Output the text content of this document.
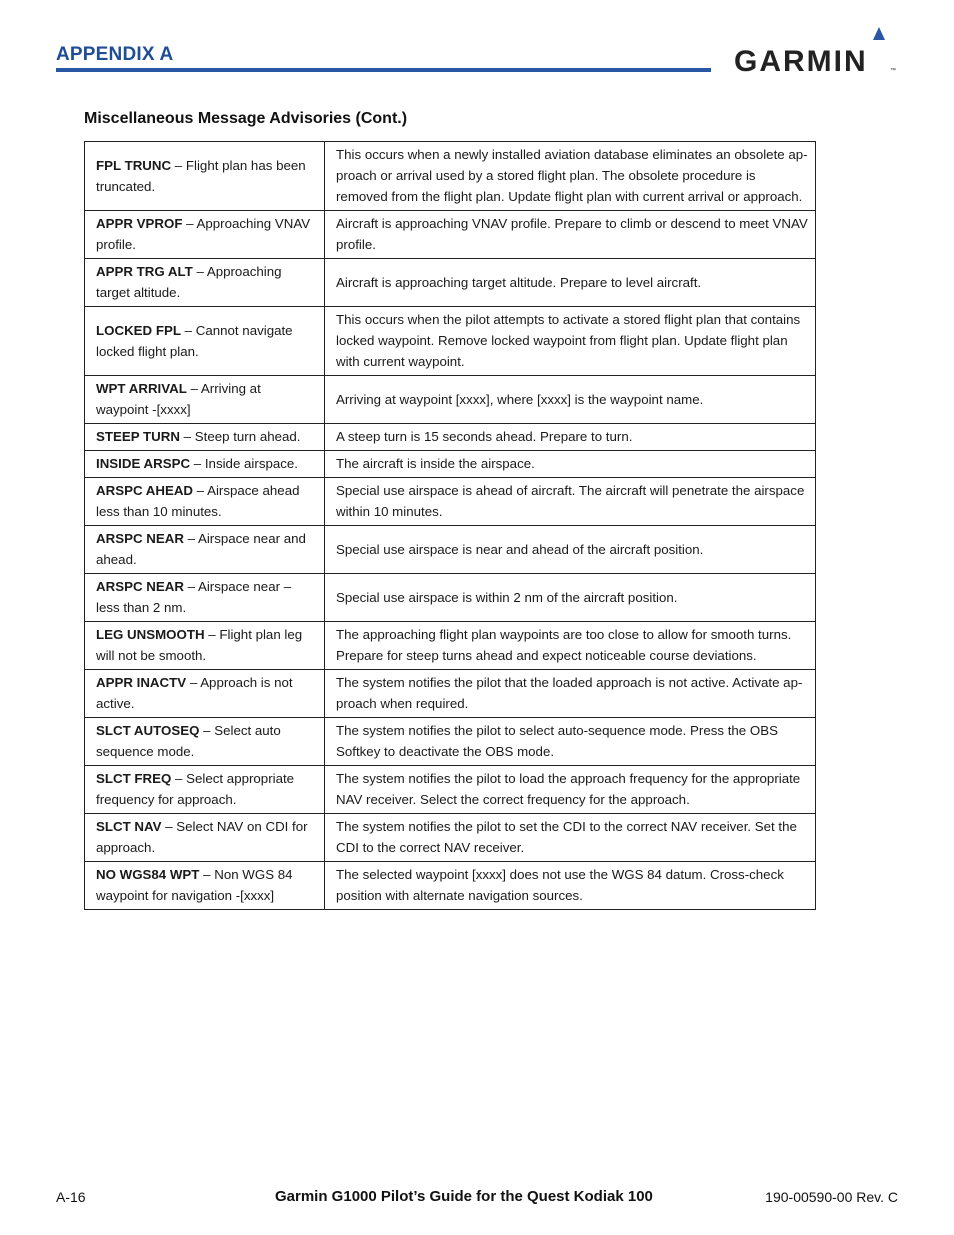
APPENDIX A	GARMIN	™
Miscellaneous Message Advisories (Cont.)
FPL TRUNC – Flight plan has been truncated.	This occurs when a newly installed aviation database eliminates an obsolete ap-proach or arrival used by a stored flight plan. The obsolete procedure is removed from the flight plan. Update flight plan with current arrival or approach.
APPR VPROF – Approaching VNAV profile.	Aircraft is approaching VNAV profile. Prepare to climb or descend to meet VNAV profile.
APPR TRG ALT – Approaching target altitude.	Aircraft is approaching target altitude. Prepare to level aircraft.
LOCKED FPL – Cannot navigate locked flight plan.	This occurs when the pilot attempts to activate a stored flight plan that contains locked waypoint. Remove locked waypoint from flight plan. Update flight plan with current waypoint.
WPT ARRIVAL – Arriving at waypoint -[xxxx]	Arriving at waypoint [xxxx], where [xxxx] is the waypoint name.
STEEP TURN – Steep turn ahead.	A steep turn is 15 seconds ahead. Prepare to turn.
INSIDE ARSPC – Inside airspace.	The aircraft is inside the airspace.
ARSPC AHEAD – Airspace ahead less than 10 minutes.	Special use airspace is ahead of aircraft. The aircraft will penetrate the airspace within 10 minutes.
ARSPC NEAR – Airspace near and ahead.	Special use airspace is near and ahead of the aircraft position.
ARSPC NEAR – Airspace near – less than 2 nm.	Special use airspace is within 2 nm of the aircraft position.
LEG UNSMOOTH – Flight plan leg will not be smooth.	The approaching flight plan waypoints are too close to allow for smooth turns. Prepare for steep turns ahead and expect noticeable course deviations.
APPR INACTV – Approach is not active.	The system notifies the pilot that the loaded approach is not active. Activate ap-proach when required.
SLCT AUTOSEQ – Select auto sequence mode.	The system notifies the pilot to select auto-sequence mode. Press the OBS Softkey to deactivate the OBS mode.
SLCT FREQ – Select appropriate frequency for approach.	The system notifies the pilot to load the approach frequency for the appropriate NAV receiver. Select the correct frequency for the approach.
SLCT NAV – Select NAV on CDI for approach.	The system notifies the pilot to set the CDI to the correct NAV receiver. Set the CDI to the correct NAV receiver.
NO WGS84 WPT – Non WGS 84 waypoint for navigation -[xxxx]	The selected waypoint [xxxx] does not use the WGS 84 datum. Cross-check position with alternate navigation sources.
A-16	Garmin G1000 Pilot’s Guide for the Quest Kodiak 100	190-00590-00 Rev. C
